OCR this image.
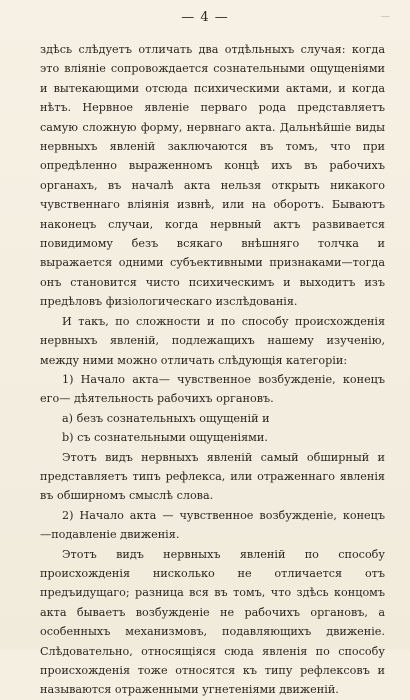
— 4 —	—

здѣсь слѣдуетъ отличать два отдѣльныхъ случая: когда это вліяніе сопровождается сознательными ощущеніями и вытекающими отсюда психическими актами, и когда нѣтъ. Нервное явленіе перваго рода представляетъ самую сложную форму, нервнаго акта. Дальнѣйшіе виды нервныхъ явленій заключаются въ томъ, что при опредѣленно выраженномъ концѣ ихъ въ рабочихъ органахъ, въ началѣ акта нельзя открыть никакого чувственнаго вліянія извнѣ, или на оборотъ. Бываютъ наконецъ случаи, когда нервный актъ развивается повидимому безъ всякаго внѣшняго толчка и выражается одними субъективными признаками—тогда онъ становится чисто психическимъ и выходитъ изъ предѣловъ физіологическаго изслѣдованія.

И такъ, по сложности и по способу происхожденія нервныхъ явленій, подлежащихъ нашему изученію, между ними можно отличать слѣдующія категоріи:

1) Начало акта— чувственное возбужденіе, конецъ его— дѣятельность рабочихъ органовъ.

а) безъ сознательныхъ ощущеній и

b) съ сознательными ощущеніями.

Этотъ видъ нервныхъ явленій самый обширный и представляетъ типъ рефлекса, или отраженнаго явленія въ обширномъ смыслѣ слова.

2) Начало акта — чувственное возбужденіе, конецъ —подавленіе движенія.

Этотъ видъ нервныхъ явленій по способу происхожденія нисколько не отличается отъ предъидущаго; разница вся въ томъ, что здѣсь концомъ акта бываетъ возбужденіе не рабочихъ органовъ, а особенныхъ механизмовъ, подавляющихъ движеніе. Слѣдовательно, относящіяся сюда явленія по способу происхожденія тоже относятся къ типу рефлексовъ и называются отраженными угнетеніями движеній.
